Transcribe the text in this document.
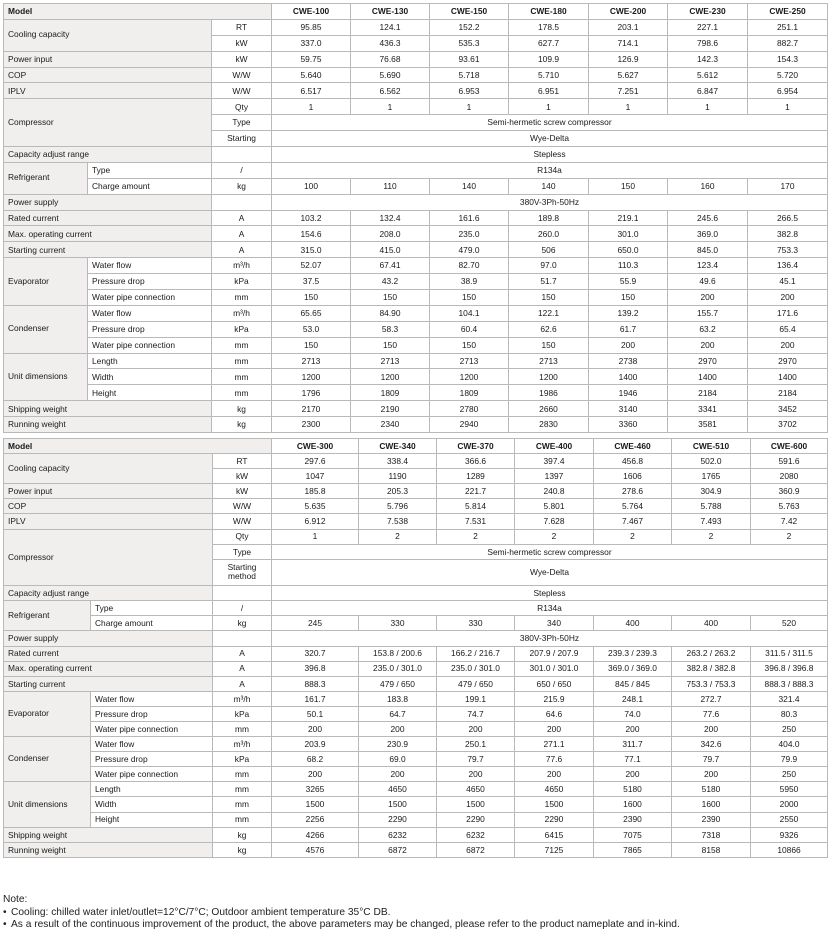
Model			CWE-100	CWE-130	CWE-150	CWE-180	CWE-200	CWE-230	CWE-250
Cooling capacity		RT	95.85	124.1	152.2	178.5	203.1	227.1	251.1
		kW	337.0	436.3	535.3	627.7	714.1	798.6	882.7
Power input		kW	59.75	76.68	93.61	109.9	126.9	142.3	154.3
COP		W/W	5.640	5.690	5.718	5.710	5.627	5.612	5.720
IPLV		W/W	6.517	6.562	6.953	6.951	7.251	6.847	6.954
Compressor		Qty	1	1	1	1	1	1	1
		Type	Semi-hermetic screw compressor						
		Starting	Wye-Delta						
Capacity adjust range			Stepless						
Refrigerant	Type	/	R134a						
	Charge amount	kg	100	110	140	140	150	160	170
Power supply			380V-3Ph-50Hz						
Rated current		A	103.2	132.4	161.6	189.8	219.1	245.6	266.5
Max. operating current		A	154.6	208.0	235.0	260.0	301.0	369.0	382.8
Starting current		A	315.0	415.0	479.0	506	650.0	845.0	753.3
Evaporator	Water flow	m³/h	52.07	67.41	82.70	97.0	110.3	123.4	136.4
	Pressure drop	kPa	37.5	43.2	38.9	51.7	55.9	49.6	45.1
	Water pipe connection	mm	150	150	150	150	150	200	200
Condenser	Water flow	m³/h	65.65	84.90	104.1	122.1	139.2	155.7	171.6
	Pressure drop	kPa	53.0	58.3	60.4	62.6	61.7	63.2	65.4
	Water pipe connection	mm	150	150	150	150	200	200	200
Unit dimensions	Length	mm	2713	2713	2713	2713	2738	2970	2970
	Width	mm	1200	1200	1200	1200	1400	1400	1400
	Height	mm	1796	1809	1809	1986	1946	2184	2184
Shipping weight		kg	2170	2190	2780	2660	3140	3341	3452
Running weight		kg	2300	2340	2940	2830	3360	3581	3702
Model			CWE-300	CWE-340	CWE-370	CWE-400	CWE-460	CWE-510	CWE-600
Cooling capacity		RT	297.6	338.4	366.6	397.4	456.8	502.0	591.6
		kW	1047	1190	1289	1397	1606	1765	2080
Power input		kW	185.8	205.3	221.7	240.8	278.6	304.9	360.9
COP		W/W	5.635	5.796	5.814	5.801	5.764	5.788	5.763
IPLV		W/W	6.912	7.538	7.531	7.628	7.467	7.493	7.42
Compressor		Qty	1	2	2	2	2	2	2
		Type	Semi-hermetic screw compressor						
		Starting method	Wye-Delta						
Capacity adjust range			Stepless						
Refrigerant	Type	/	R134a						
	Charge amount	kg	245	330	330	340	400	400	520
Power supply			380V-3Ph-50Hz						
Rated current		A	320.7	153.8 / 200.6	166.2 / 216.7	207.9 / 207.9	239.3 / 239.3	263.2 / 263.2	311.5 / 311.5
Max. operating current		A	396.8	235.0 / 301.0	235.0 / 301.0	301.0 / 301.0	369.0 / 369.0	382.8 / 382.8	396.8 / 396.8
Starting current		A	888.3	479 / 650	479 / 650	650 / 650	845 / 845	753.3 / 753.3	888.3 / 888.3
Evaporator	Water flow	m³/h	161.7	183.8	199.1	215.9	248.1	272.7	321.4
	Pressure drop	kPa	50.1	64.7	74.7	64.6	74.0	77.6	80.3
	Water pipe connection	mm	200	200	200	200	200	200	250
Condenser	Water flow	m³/h	203.9	230.9	250.1	271.1	311.7	342.6	404.0
	Pressure drop	kPa	68.2	69.0	79.7	77.6	77.1	79.7	79.9
	Water pipe connection	mm	200	200	200	200	200	200	250
Unit dimensions	Length	mm	3265	4650	4650	4650	5180	5180	5950
	Width	mm	1500	1500	1500	1500	1600	1600	2000
	Height	mm	2256	2290	2290	2290	2390	2390	2550
Shipping weight		kg	4266	6232	6232	6415	7075	7318	9326
Running weight		kg	4576	6872	6872	7125	7865	8158	10866
Note:
• Cooling: chilled water inlet/outlet=12°C/7°C; Outdoor ambient temperature 35°C DB.
• As a result of the continuous improvement of the product, the above parameters may be changed, please refer to the product nameplate and in-kind.
